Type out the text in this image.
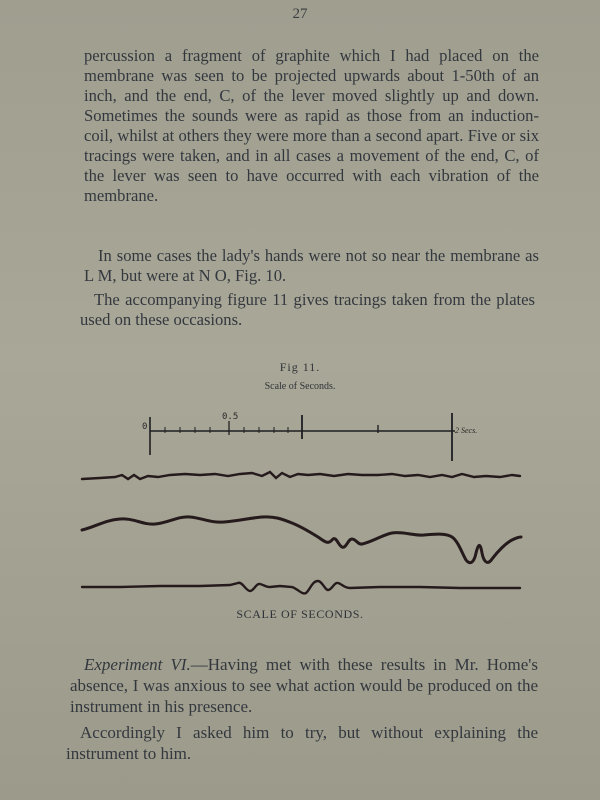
27

percussion a fragment of graphite which I had placed on the membrane was seen to be projected upwards about 1-50th of an inch, and the end, C, of the lever moved slightly up and down. Sometimes the sounds were as rapid as those from an induction-coil, whilst at others they were more than a second apart. Five or six tracings were taken, and in all cases a movement of the end, C, of the lever was seen to have occurred with each vibration of the membrane.

In some cases the lady's hands were not so near the membrane as L M, but were at N O, Fig. 10.

The accompanying figure 11 gives tracings taken from the plates used on these occasions.

Fig 11.
Scale of Seconds.
0
0.5
2 Secs.
SCALE OF SECONDS.

Experiment VI.—Having met with these results in Mr. Home's absence, I was anxious to see what action would be produced on the instrument in his presence.

Accordingly I asked him to try, but without explaining the instrument to him.
